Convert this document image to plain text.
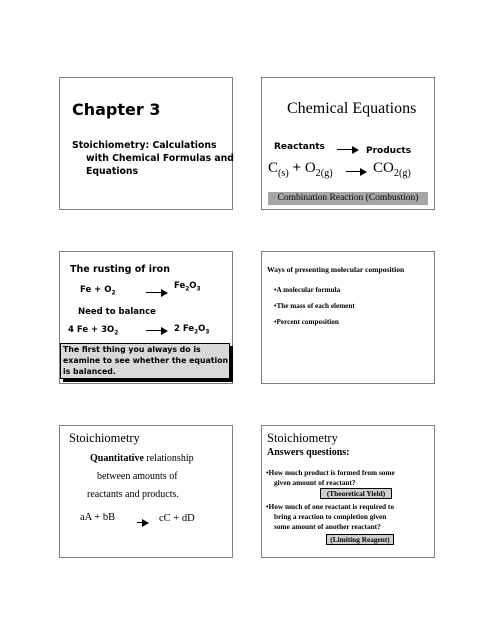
Chapter 3
Stoichiometry: Calculations
with Chemical Formulas and
Equations
Chemical Equations
Reactants → Products
$C_{(s)} + O_{2(g)} \to CO_{2(g)}$
Combination Reaction (Combustion)
The rusting of iron
$Fe + O_2$
$Fe_2O_3$
Need to balance
4 $Fe + 3O_2 \to 2$ $Fe_2O_3$
The first thing you always do is
examine to see whether the equation
is balanced.
Ways of presenting molecular composition
•A molecular formula
•The mass of each element
•Percent composition
Stoichiometry
Quantitative relationship
between amounts of
reactants and products.
aA + bB	cC + dD
Stoichiometry
Answers questions:
•How much product is formed from some
given amount of reactant?
(Theoretical Yield)
•How much of one reactant is required to
bring a reaction to completion given
some amount of another reactant?
(Limiting Reagent)
